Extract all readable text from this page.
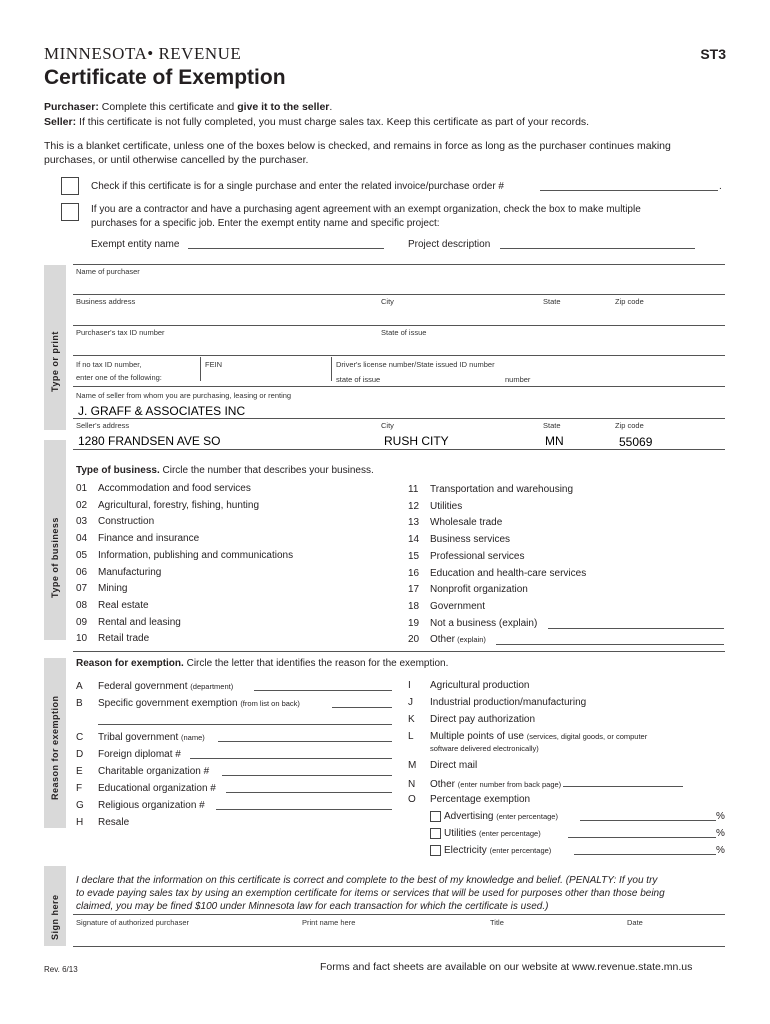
MINNESOTA• REVENUE	ST3
Certificate of Exemption
Purchaser: Complete this certificate and give it to the seller.
Seller: If this certificate is not fully completed, you must charge sales tax. Keep this certificate as part of your records.
This is a blanket certificate, unless one of the boxes below is checked, and remains in force as long as the purchaser continues making
purchases, or until otherwise cancelled by the purchaser.
Check if this certificate is for a single purchase and enter the related invoice/purchase order #	.
If you are a contractor and have a purchasing agent agreement with an exempt organization, check the box to make multiple
purchases for a specific job. Enter the exempt entity name and specific project:
Exempt entity name	Project description
Type or print
Name of purchaser
Business address	City	State	Zip code
Purchaser's tax ID number	State of issue
If no tax ID number,
enter one of the following:
FEIN	Driver's license number/State issued ID number
state of issue	number
Name of seller from whom you are purchasing, leasing or renting
J. GRAFF & ASSOCIATES INC
Seller's address	City	State	Zip code
1280 FRANDSEN AVE SO	RUSH CITY	MN	55069
Type of business
Type of business. Circle the number that describes your business.
01 Accommodation and food services
02 Agricultural, forestry, fishing, hunting
03 Construction
04 Finance and insurance
05 Information, publishing and communications
06 Manufacturing
07 Mining
08 Real estate
09 Rental and leasing
10 Retail trade
11 Transportation and warehousing
12 Utilities
13 Wholesale trade
14 Business services
15 Professional services
16 Education and health-care services
17 Nonprofit organization
18 Government
19 Not a business (explain)
20 Other (explain)
Reason for exemption
Reason for exemption. Circle the letter that identifies the reason for the exemption.
A Federal government (department)
B Specific government exemption (from list on back)
C Tribal government (name)
D Foreign diplomat #
E Charitable organization #
F Educational organization #
G Religious organization #
H Resale
I Agricultural production
J Industrial production/manufacturing
K Direct pay authorization
L Multiple points of use (services, digital goods, or computer
software delivered electronically)
M Direct mail
N Other (enter number from back page)
O Percentage exemption
Advertising (enter percentage)	%
Utilities (enter percentage)	%
Electricity (enter percentage)	%
Sign here
I declare that the information on this certificate is correct and complete to the best of my knowledge and belief. (PENALTY: If you try
to evade paying sales tax by using an exemption certificate for items or services that will be used for purposes other than those being
claimed, you may be fined $100 under Minnesota law for each transaction for which the certificate is used.)
Signature of authorized purchaser	Print name here	Title	Date
Rev. 6/13	Forms and fact sheets are available on our website at www.revenue.state.mn.us
